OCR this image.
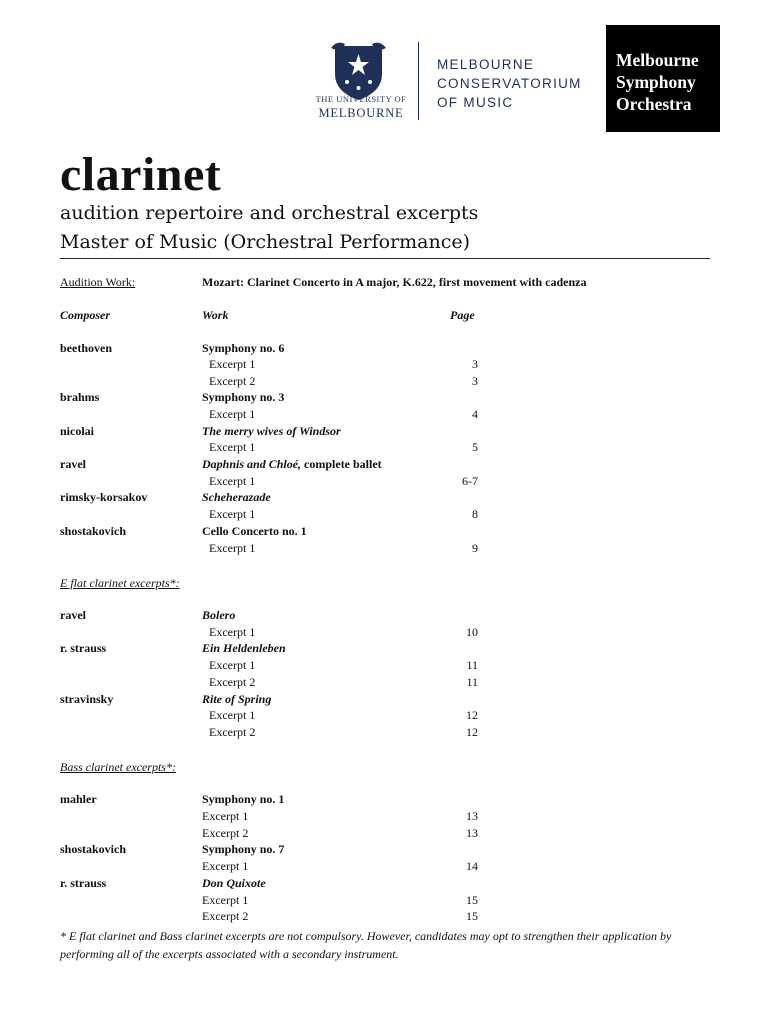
THE UNIVERSITY OF
MELBOURNE
MELBOURNE
CONSERVATORIUM
OF MUSIC
Melbourne
Symphony
Orchestra
clarinet
audition repertoire and orchestral excerpts
Master of Music (Orchestral Performance)
Audition Work:	Mozart: Clarinet Concerto in A major, K.622, first movement with cadenza
Composer	Work	Page
beethoven	Symphony no. 6
Excerpt 1	3
Excerpt 2	3
brahms	Symphony no. 3
Excerpt 1	4
nicolai	The merry wives of Windsor
Excerpt 1	5
ravel	Daphnis and Chloé, complete ballet
Excerpt 1	6-7
rimsky-korsakov	Scheherazade
Excerpt 1	8
shostakovich	Cello Concerto no. 1
Excerpt 1	9
E flat clarinet excerpts*:
ravel	Bolero
Excerpt 1	10
r. strauss	Ein Heldenleben
Excerpt 1	11
Excerpt 2	11
stravinsky	Rite of Spring
Excerpt 1	12
Excerpt 2	12
Bass clarinet excerpts*:
mahler	Symphony no. 1
Excerpt 1	13
Excerpt 2	13
shostakovich	Symphony no. 7
Excerpt 1	14
r. strauss	Don Quixote
Excerpt 1	15
Excerpt 2	15
* E flat clarinet and Bass clarinet excerpts are not compulsory. However, candidates may opt to strengthen their application by performing all of the excerpts associated with a secondary instrument.
